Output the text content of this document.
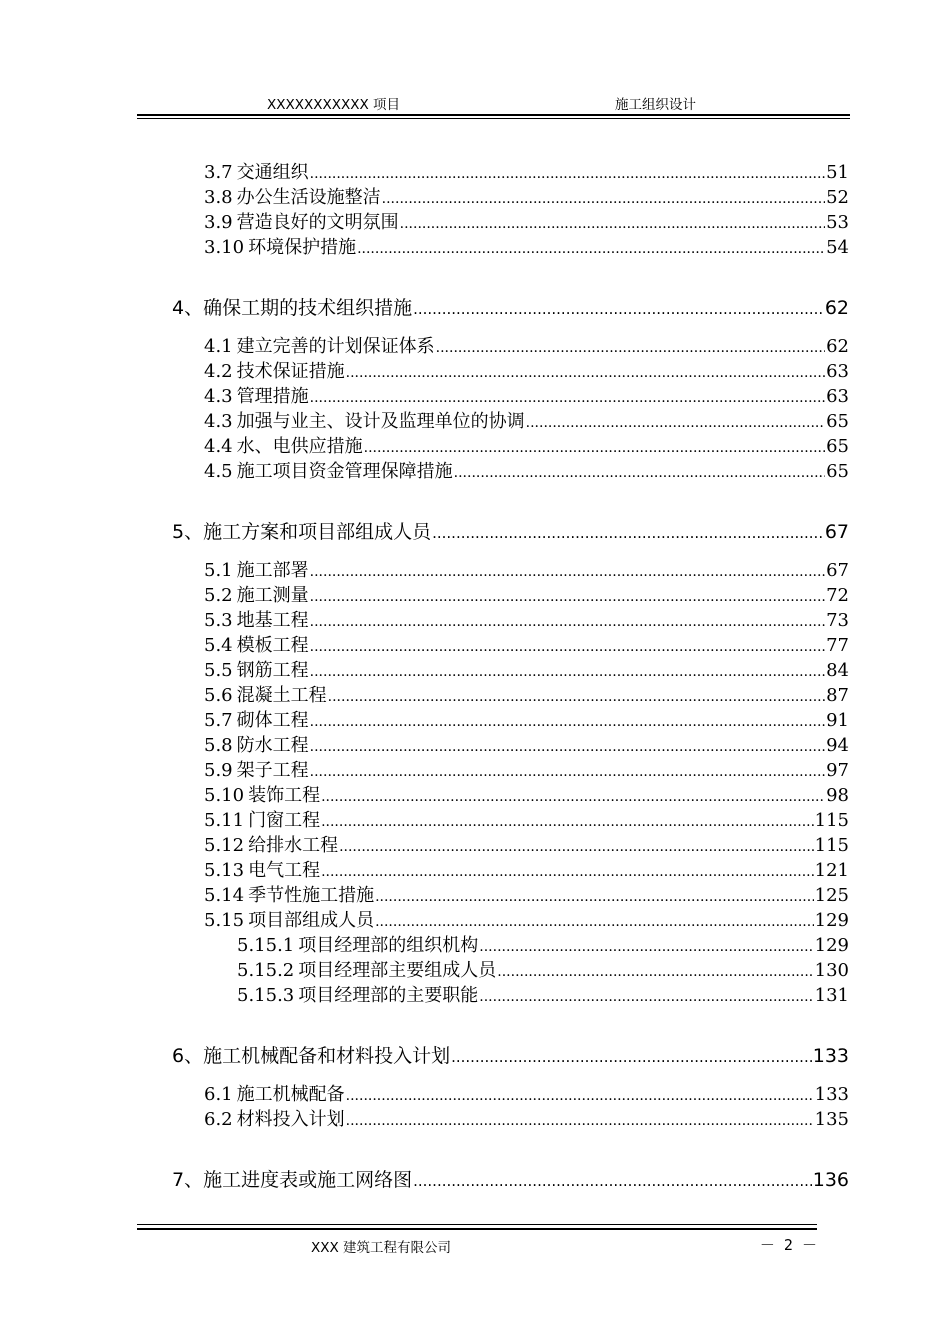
XXXXXXXXXXX 项目	施工组织设计
3.7 交通组织 .....	51
3.8 办公生活设施整洁 .....	52
3.9 营造良好的文明氛围 .....	53
3.10 环境保护措施 .....	54
4、 确保工期的技术组织措施 .....	62
4.1 建立完善的计划保证体系 .....	62
4.2 技术保证措施 .....	63
4.3 管理措施 .....	63
4.3 加强与业主、设计及监理单位的协调 .....	65
4.4 水、电供应措施 .....	65
4.5 施工项目资金管理保障措施 .....	65
5、 施工方案和项目部组成人员 .....	67
5.1 施工部署 .....	67
5.2 施工测量 .....	72
5.3 地基工程 .....	73
5.4 模板工程 .....	77
5.5 钢筋工程 .....	84
5.6 混凝土工程 .....	87
5.7 砌体工程 .....	91
5.8 防水工程 .....	94
5.9 架子工程 .....	97
5.10 装饰工程 .....	98
5.11 门窗工程 .....	115
5.12 给排水工程 .....	115
5.13 电气工程 .....	121
5.14 季节性施工措施 .....	125
5.15 项目部组成人员 .....	129
5.15.1 项目经理部的组织机构 .....	129
5.15.2 项目经理部主要组成人员 .....	130
5.15.3 项目经理部的主要职能 .....	131
6、 施工机械配备和材料投入计划 .....	133
6.1 施工机械配备 .....	133
6.2 材料投入计划 .....	135
7、 施工进度表或施工网络图 .....	136
XXX 建筑工程有限公司	－ 2 －
